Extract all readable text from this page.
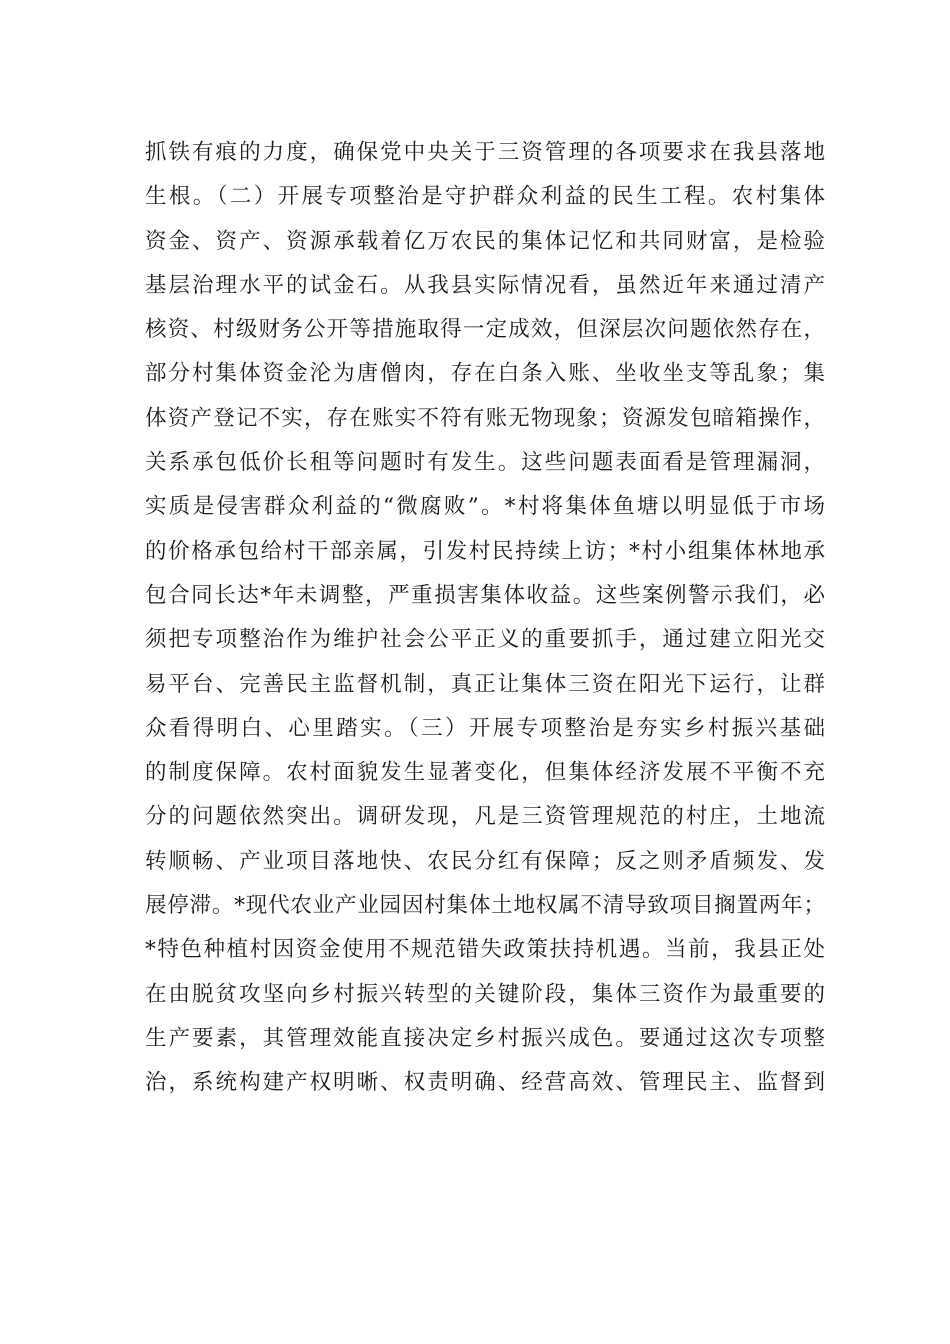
抓铁有痕的力度，确保党中央关于三资管理的各项要求在我县落地
生根。（二）开展专项整治是守护群众利益的民生工程。农村集体
资金、资产、资源承载着亿万农民的集体记忆和共同财富，是检验
基层治理水平的试金石。从我县实际情况看，虽然近年来通过清产
核资、村级财务公开等措施取得一定成效，但深层次问题依然存在，
部分村集体资金沦为唐僧肉，存在白条入账、坐收坐支等乱象；集
体资产登记不实，存在账实不符有账无物现象；资源发包暗箱操作，
关系承包低价长租等问题时有发生。这些问题表面看是管理漏洞，
实质是侵害群众利益的“微腐败”。*村将集体鱼塘以明显低于市场
的价格承包给村干部亲属，引发村民持续上访；*村小组集体林地承
包合同长达*年未调整，严重损害集体收益。这些案例警示我们，必
须把专项整治作为维护社会公平正义的重要抓手，通过建立阳光交
易平台、完善民主监督机制，真正让集体三资在阳光下运行，让群
众看得明白、心里踏实。（三）开展专项整治是夯实乡村振兴基础
的制度保障。农村面貌发生显著变化，但集体经济发展不平衡不充
分的问题依然突出。调研发现，凡是三资管理规范的村庄，土地流
转顺畅、产业项目落地快、农民分红有保障；反之则矛盾频发、发
展停滞。*现代农业产业园因村集体土地权属不清导致项目搁置两年；
*特色种植村因资金使用不规范错失政策扶持机遇。当前，我县正处
在由脱贫攻坚向乡村振兴转型的关键阶段，集体三资作为最重要的
生产要素，其管理效能直接决定乡村振兴成色。要通过这次专项整
治，系统构建产权明晰、权责明确、经营高效、管理民主、监督到
